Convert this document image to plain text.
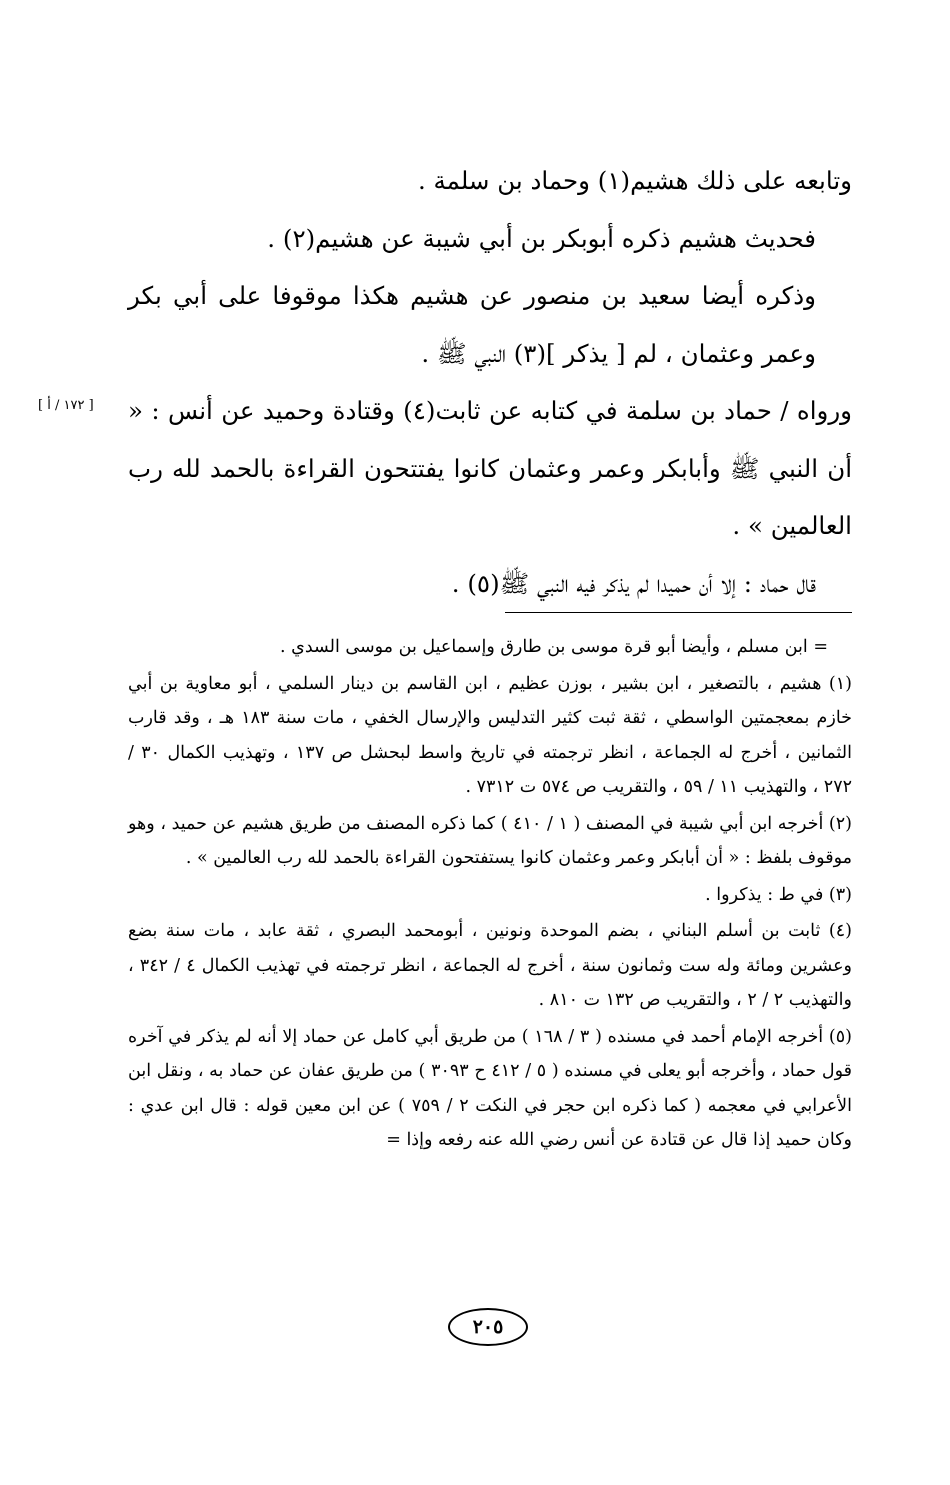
وتابعه على ذلك هشيم(١) وحماد بن سلمة .

فحديث هشيم ذكره أبوبكر بن أبي شيبة عن هشيم(٢) .

وذكره أيضا سعيد بن منصور عن هشيم هكذا موقوفا على أبي بكر وعمر وعثمان ، لم [ يذكر ](٣) النبي ﷺ .

ورواه / حماد بن سلمة في كتابه عن ثابت(٤) وقتادة وحميد عن أنس : « أن النبي ﷺ وأبابكر وعمر وعثمان كانوا يفتتحون القراءة بالحمد لله رب العالمين » .

قال حماد : إلا أن حميدا لم يذكر فيه النبي ﷺ(٥) .

[ ١٧٢ / أ ]

= ابن مسلم ، وأيضا أبو قرة موسى بن طارق وإسماعيل بن موسى السدي .

(١) هشيم ، بالتصغير ، ابن بشير ، بوزن عظيم ، ابن القاسم بن دينار السلمي ، أبو معاوية بن أبي خازم بمعجمتين الواسطي ، ثقة ثبت كثير التدليس والإرسال الخفي ، مات سنة ١٨٣ هـ ، وقد قارب الثمانين ، أخرج له الجماعة ، انظر ترجمته في تاريخ واسط لبحشل ص ١٣٧ ، وتهذيب الكمال ٣٠ / ٢٧٢ ، والتهذيب ١١ / ٥٩ ، والتقريب ص ٥٧٤ ت ٧٣١٢ .

(٢) أخرجه ابن أبي شيبة في المصنف ( ١ / ٤١٠ ) كما ذكره المصنف من طريق هشيم عن حميد ، وهو موقوف بلفظ : « أن أبابكر وعمر وعثمان كانوا يستفتحون القراءة بالحمد لله رب العالمين » .

(٣) في ط : يذكروا .

(٤) ثابت بن أسلم البناني ، بضم الموحدة ونونين ، أبومحمد البصري ، ثقة عابد ، مات سنة بضع وعشرين ومائة وله ست وثمانون سنة ، أخرج له الجماعة ، انظر ترجمته في تهذيب الكمال ٤ / ٣٤٢ ، والتهذيب ٢ / ٢ ، والتقريب ص ١٣٢ ت ٨١٠ .

(٥) أخرجه الإمام أحمد في مسنده ( ٣ / ١٦٨ ) من طريق أبي كامل عن حماد إلا أنه لم يذكر في آخره قول حماد ، وأخرجه أبو يعلى في مسنده ( ٥ / ٤١٢ ح ٣٠٩٣ ) من طريق عفان عن حماد به ، ونقل ابن الأعرابي في معجمه ( كما ذكره ابن حجر في النكت ٢ / ٧٥٩ ) عن ابن معين قوله : قال ابن عدي : وكان حميد إذا قال عن قتادة عن أنس رضي الله عنه رفعه وإذا =

٢٠٥
